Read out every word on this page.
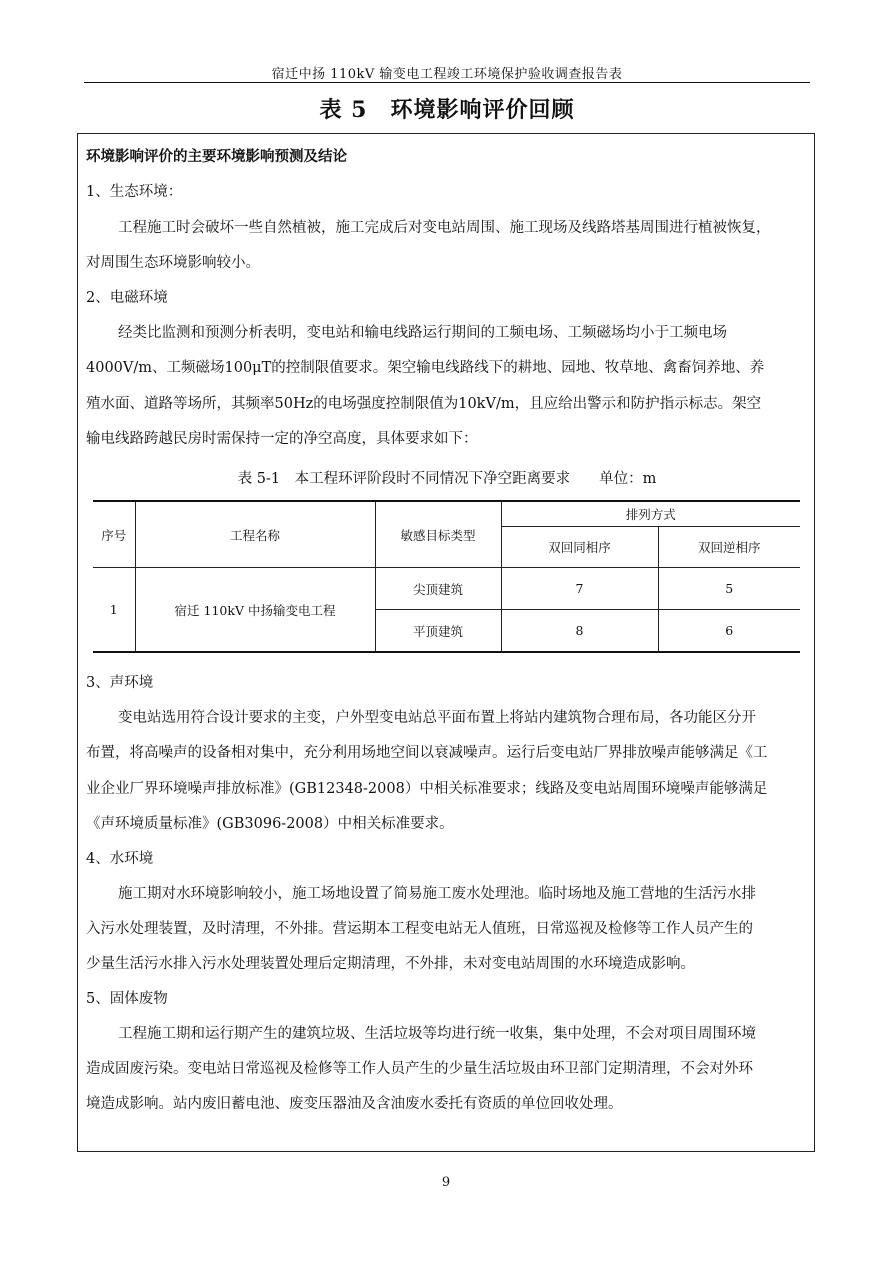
宿迁中扬 110kV 输变电工程竣工环境保护验收调查报告表
表 5　环境影响评价回顾
环境影响评价的主要环境影响预测及结论
1、生态环境：
工程施工时会破坏一些自然植被，施工完成后对变电站周围、施工现场及线路塔基周围进行植被恢复，
对周围生态环境影响较小。
2、电磁环境
经类比监测和预测分析表明，变电站和输电线路运行期间的工频电场、工频磁场均小于工频电场
4000V/m、工频磁场100μT的控制限值要求。架空输电线路线下的耕地、园地、牧草地、禽畜饲养地、养
殖水面、道路等场所，其频率50Hz的电场强度控制限值为10kV/m，且应给出警示和防护指示标志。架空
输电线路跨越民房时需保持一定的净空高度，具体要求如下：
表 5-1　本工程环评阶段时不同情况下净空距离要求　　单位：m
序号	工程名称	敏感目标类型	排列方式	
			双回同相序	双回逆相序
1	宿迁 110kV 中扬输变电工程	尖顶建筑	7	5
		平顶建筑	8	6
3、声环境
变电站选用符合设计要求的主变，户外型变电站总平面布置上将站内建筑物合理布局，各功能区分开
布置，将高噪声的设备相对集中，充分利用场地空间以衰减噪声。运行后变电站厂界排放噪声能够满足《工
业企业厂界环境噪声排放标准》(GB12348-2008）中相关标准要求；线路及变电站周围环境噪声能够满足
《声环境质量标准》(GB3096-2008）中相关标准要求。
4、水环境
施工期对水环境影响较小，施工场地设置了简易施工废水处理池。临时场地及施工营地的生活污水排
入污水处理装置，及时清理，不外排。营运期本工程变电站无人值班，日常巡视及检修等工作人员产生的
少量生活污水排入污水处理装置处理后定期清理，不外排，未对变电站周围的水环境造成影响。
5、固体废物
工程施工期和运行期产生的建筑垃圾、生活垃圾等均进行统一收集，集中处理，不会对项目周围环境
造成固废污染。变电站日常巡视及检修等工作人员产生的少量生活垃圾由环卫部门定期清理，不会对外环
境造成影响。站内废旧蓄电池、废变压器油及含油废水委托有资质的单位回收处理。
9
